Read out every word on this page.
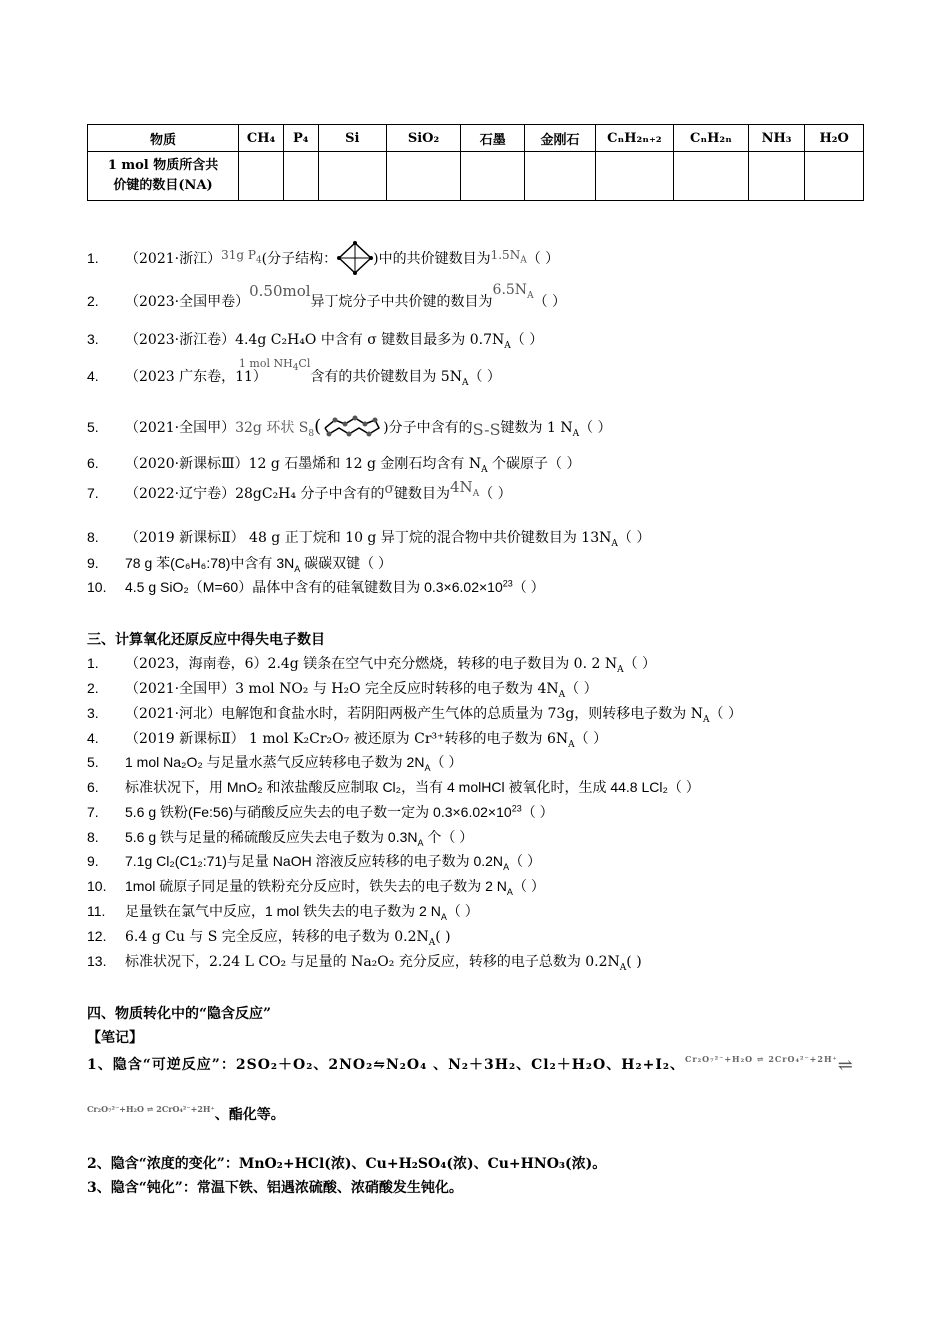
物质	CH₄	P₄	Si	SiO₂	石墨	金刚石	CₙH₂ₙ₊₂	CₙH₂ₙ	NH₃	H₂O
1 mol 物质所含共
价键的数目(NA)										
1. （2021·浙江）31g $P_4$(分子结构：	)中的共价键数目为$1.5N_A$（ ）
2. （2023·全国甲卷）0.50mol异丁烷分子中共价键的数目为$6.5N_A$（ ）
3. （2023·浙江卷）4.4g C₂H₄O 中含有 σ 键数目最多为 $0.7N_A$（ ）
4. （2023 广东卷，11）$^{1 mol NH_4Cl}$含有的共价键数目为 $5N_A$（ ）
5. （2021·全国甲）32g 环状 $S_8$(	)分子中含有的S-S键数为 1 $N_A$（ ）
6. （2020·新课标Ⅲ）12 g 石墨烯和 12 g 金刚石均含有 $N_A$ 个碳原子（ ）
7. （2022·辽宁卷）28gC₂H₄ 分子中含有的σ键数目为$4N_A$（ ）
8. （2019 新课标Ⅱ） 48 g 正丁烷和 10 g 异丁烷的混合物中共价键数目为 $13N_A$（ ）
9. 78 g 苯(C₆H₆:78)中含有 $3N_A$ 碳碳双键（ ）
10. 4.5 g SiO₂（M=60）晶体中含有的硅氧键数目为 $0.3\times 6.02\times 10^{23}$（ ）
三、计算氧化还原反应中得失电子数目
1. （2023，海南卷，6）2.4g 镁条在空气中充分燃烧，转移的电子数目为 0. 2 $N_A$（ ）
2. （2021·全国甲）3 mol NO₂ 与 H₂O 完全反应时转移的电子数为 $4N_A$（ ）
3. （2021·河北）电解饱和食盐水时，若阴阳两极产生气体的总质量为 73g，则转移电子数为 $N_A$（ ）
4. （2019 新课标Ⅱ） 1 mol K₂Cr₂O₇ 被还原为 Cr³⁺转移的电子数为 $6N_A$（ ）
5. 1 mol Na₂O₂ 与足量水蒸气反应转移电子数为 $2N_A$（ ）
6. 标准状况下，用 MnO₂ 和浓盐酸反应制取 Cl₂，当有 4 molHCl 被氧化时，生成 44.8 LCl₂（ ）
7. 5.6 g 铁粉(Fe:56)与硝酸反应失去的电子数一定为 $0.3\times 6.02\times 10^{23}$（ ）
8. 5.6 g 铁与足量的稀硫酸反应失去电子数为 $0.3N_A$ 个（ ）
9. 7.1g Cl₂(C1₂:71)与足量 NaOH 溶液反应转移的电子数为 $0.2N_A$（ ）
10. 1mol 硫原子同足量的铁粉充分反应时，铁失去的电子数为 2 $N_A$（ ）
11. 足量铁在氯气中反应，1 mol 铁失去的电子数为 2 $N_A$（ ）
12. 6.4 g Cu 与 S 完全反应，转移的电子数为 $0.2N_A$( )
13. 标准状况下，2.24 L CO₂ 与足量的 Na₂O₂ 充分反应，转移的电子总数为 $0.2N_A$( )
四、物质转化中的“隐含反应”
【笔记】
1、隐含“可逆反应”：2SO₂＋O₂、2NO₂⇋N₂O₄ 、N₂＋3H₂、Cl₂＋H₂O、H₂+I₂、Cr₂O₇²⁻+H₂O ⇌ 2CrO₄²⁻+2H⁺⇌
Cr₂O₇²⁻+H₂O ⇌ 2CrO₄²⁻+2H⁺、酯化等。
2、隐含“浓度的变化”：MnO₂+HCl(浓)、Cu+H₂SO₄(浓)、Cu+HNO₃(浓)。
3、隐含“钝化”：常温下铁、铝遇浓硫酸、浓硝酸发生钝化。
